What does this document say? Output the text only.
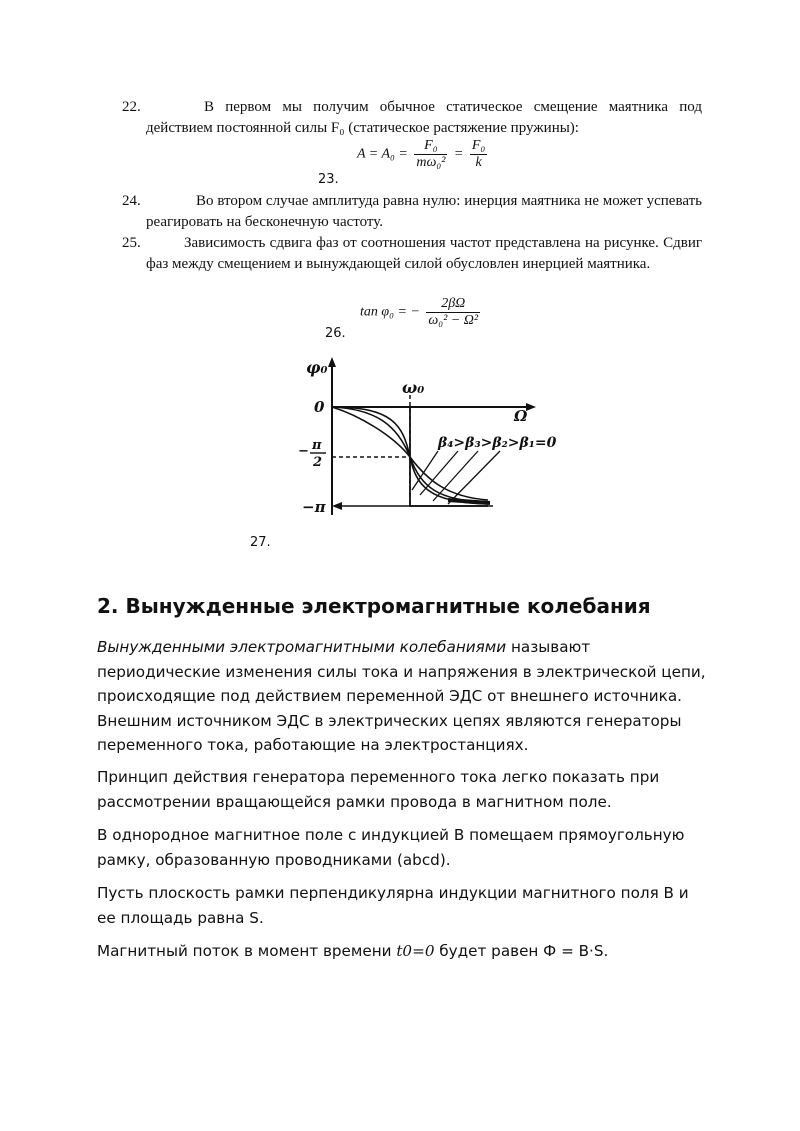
22.	В первом мы получим обычное статическое смещение маятника под действием постоянной силы F₀ (статическое растяжение пружины):

$A = A_0 = \frac{\text{F₀}}{\text{mω₀²}} = \frac{\text{F₀}}{k}$
23.
24.	Во втором случае амплитуда равна нулю: инерция маятника не может успевать реагировать на бесконечную частоту.

25.	Зависимость сдвига фаз от соотношения частот представлена на рисунке. Сдвиг фаз между смещением и вынуждающей силой обусловлен инерцией маятника.

tan φ₀ = − $\frac{2\beta\Omega}{\text{ω₀² − Ω²}}$
26.
φ₀
Ω
0
− π
2
−π
ω₀
β₄>β₃>β₂>β₁=0
27.
2. Вынужденные электромагнитные колебания

Вынужденными электромагнитными колебаниями называют периодические изменения силы тока и напряжения в электрической цепи, происходящие под действием переменной ЭДС от внешнего источника. Внешним источником ЭДС в электрических цепях являются генераторы переменного тока, работающие на электростанциях.

Принцип действия генератора переменного тока легко показать при рассмотрении вращающейся рамки провода в магнитном поле.

В однородное магнитное поле с индукцией B помещаем прямоугольную рамку, образованную проводниками (abcd).

Пусть плоскость рамки перпендикулярна индукции магнитного поля B и ее площадь равна S.

Магнитный поток в момент времени t0=0 будет равен Ф = B·S.
